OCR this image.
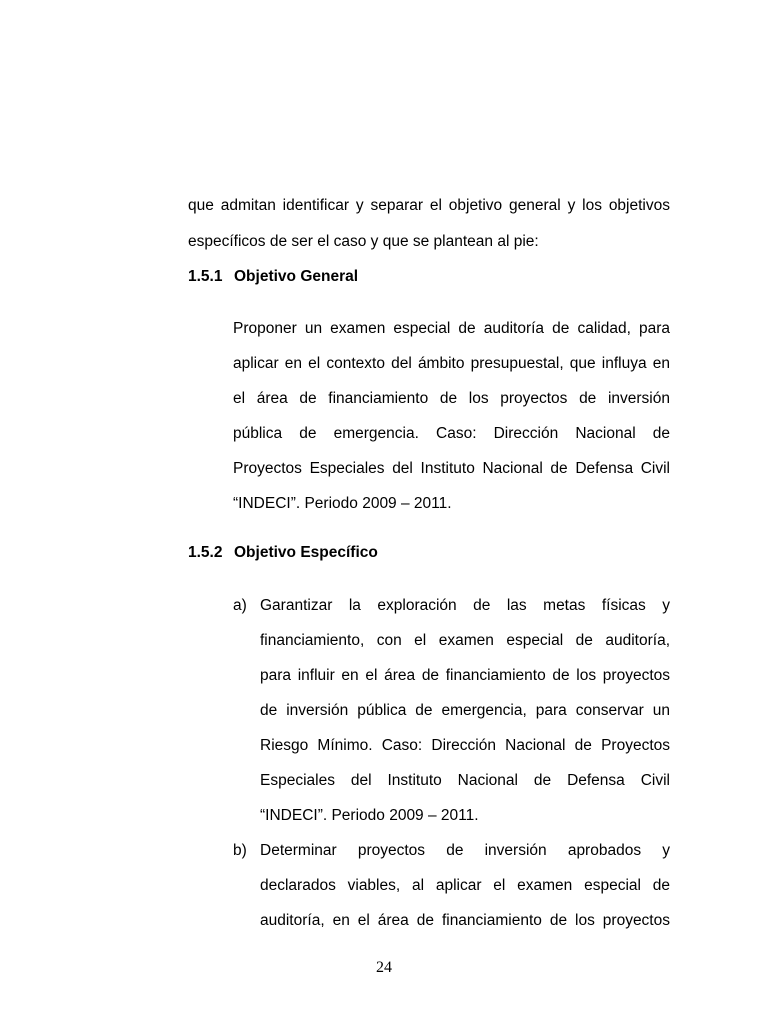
que admitan identificar y separar el objetivo general y los objetivos
específicos de ser el caso y que se plantean al pie:
1.5.1 Objetivo General
Proponer un examen especial de auditoría de calidad, para
aplicar en el contexto del ámbito presupuestal, que influya en
el área de financiamiento de los proyectos de inversión
pública de emergencia. Caso: Dirección Nacional de
Proyectos Especiales del Instituto Nacional de Defensa Civil
“INDECI”. Periodo 2009 – 2011.
1.5.2 Objetivo Específico
a) Garantizar la exploración de las metas físicas y
financiamiento, con el examen especial de auditoría,
para influir en el área de financiamiento de los proyectos
de inversión pública de emergencia, para conservar un
Riesgo Mínimo. Caso: Dirección Nacional de Proyectos
Especiales del Instituto Nacional de Defensa Civil
“INDECI”. Periodo 2009 – 2011.
b) Determinar proyectos de inversión aprobados y
declarados viables, al aplicar el examen especial de
auditoría, en el área de financiamiento de los proyectos
24
